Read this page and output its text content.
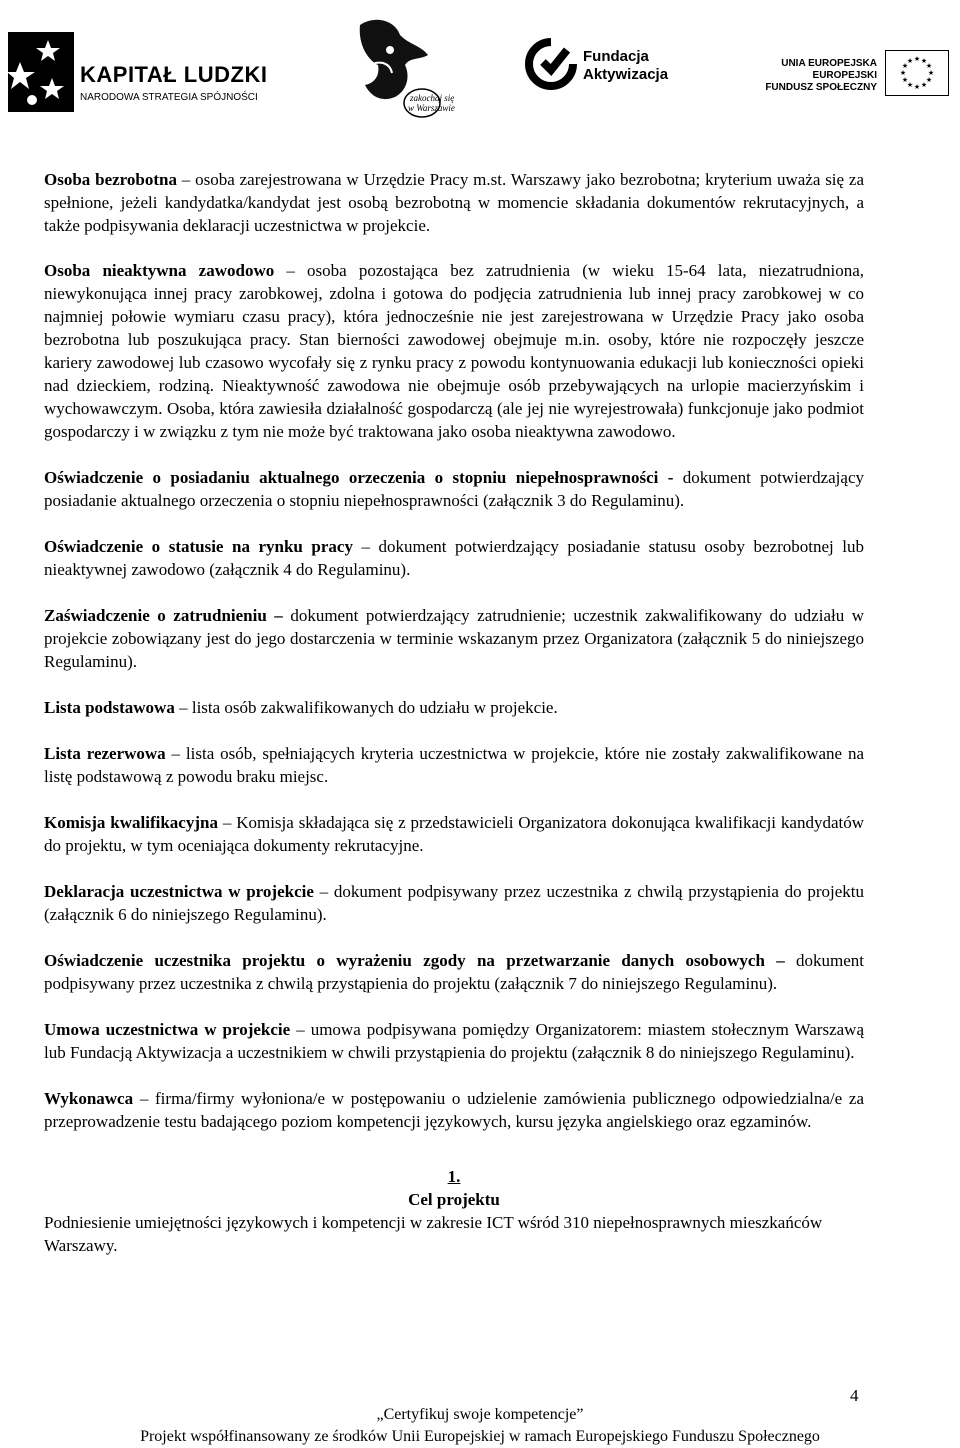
KAPITAŁ LUDZKI
NARODOWA STRATEGIA SPÓJNOŚCI	zakochaj się
w Warszawie
Fundacja
Aktywizacja
UNIA EUROPEJSKA
EUROPEJSKI
FUNDUSZ SPOŁECZNY
★ ★
★
★
★
★
★
★
★
★
★
★

Osoba bezrobotna – osoba zarejestrowana w Urzędzie Pracy m.st. Warszawy jako bezrobotna; kryterium uważa się za spełnione, jeżeli kandydatka/kandydat jest osobą bezrobotną w momencie składania dokumentów rekrutacyjnych, a także podpisywania deklaracji uczestnictwa w projekcie.

Osoba nieaktywna zawodowo – osoba pozostająca bez zatrudnienia (w wieku 15-64 lata, niezatrudniona, niewykonująca innej pracy zarobkowej, zdolna i gotowa do podjęcia zatrudnienia lub innej pracy zarobkowej w co najmniej połowie wymiaru czasu pracy), która jednocześnie nie jest zarejestrowana w Urzędzie Pracy jako osoba bezrobotna lub poszukująca pracy. Stan bierności zawodowej obejmuje m.in. osoby, które nie rozpoczęły jeszcze kariery zawodowej lub czasowo wycofały się z rynku pracy z powodu kontynuowania edukacji lub konieczności opieki nad dzieckiem, rodziną. Nieaktywność zawodowa nie obejmuje osób przebywających na urlopie macierzyńskim i wychowawczym. Osoba, która zawiesiła działalność gospodarczą (ale jej nie wyrejestrowała) funkcjonuje jako podmiot gospodarczy i w związku z tym nie może być traktowana jako osoba nieaktywna zawodowo.

Oświadczenie o posiadaniu aktualnego orzeczenia o stopniu niepełnosprawności - dokument potwierdzający posiadanie aktualnego orzeczenia o stopniu niepełnosprawności (załącznik 3 do Regulaminu).

Oświadczenie o statusie na rynku pracy – dokument potwierdzający posiadanie statusu osoby bezrobotnej lub nieaktywnej zawodowo (załącznik 4 do Regulaminu).

Zaświadczenie o zatrudnieniu – dokument potwierdzający zatrudnienie; uczestnik zakwalifikowany do udziału w projekcie zobowiązany jest do jego dostarczenia w terminie wskazanym przez Organizatora (załącznik 5 do niniejszego Regulaminu).

Lista podstawowa – lista osób zakwalifikowanych do udziału w projekcie.

Lista rezerwowa – lista osób, spełniających kryteria uczestnictwa w projekcie, które nie zostały zakwalifikowane na listę podstawową z powodu braku miejsc.

Komisja kwalifikacyjna – Komisja składająca się z przedstawicieli Organizatora dokonująca kwalifikacji kandydatów do projektu, w tym oceniająca dokumenty rekrutacyjne.

Deklaracja uczestnictwa w projekcie – dokument podpisywany przez uczestnika z chwilą przystąpienia do projektu (załącznik 6 do niniejszego Regulaminu).

Oświadczenie uczestnika projektu o wyrażeniu zgody na przetwarzanie danych osobowych – dokument podpisywany przez uczestnika z chwilą przystąpienia do projektu (załącznik 7 do niniejszego Regulaminu).

Umowa uczestnictwa w projekcie – umowa podpisywana pomiędzy Organizatorem: miastem stołecznym Warszawą lub Fundacją Aktywizacja a uczestnikiem w chwili przystąpienia do projektu (załącznik 8 do niniejszego Regulaminu).

Wykonawca – firma/firmy wyłoniona/e w postępowaniu o udzielenie zamówienia publicznego odpowiedzialna/e za przeprowadzenie testu badającego poziom kompetencji językowych, kursu języka angielskiego oraz egzaminów.

1.
Cel projektu

Podniesienie umiejętności językowych i kompetencji w zakresie ICT wśród 310 niepełnosprawnych mieszkańców Warszawy.

4
„Certyfikuj swoje kompetencje”
Projekt współfinansowany ze środków Unii Europejskiej w ramach Europejskiego Funduszu Społecznego
